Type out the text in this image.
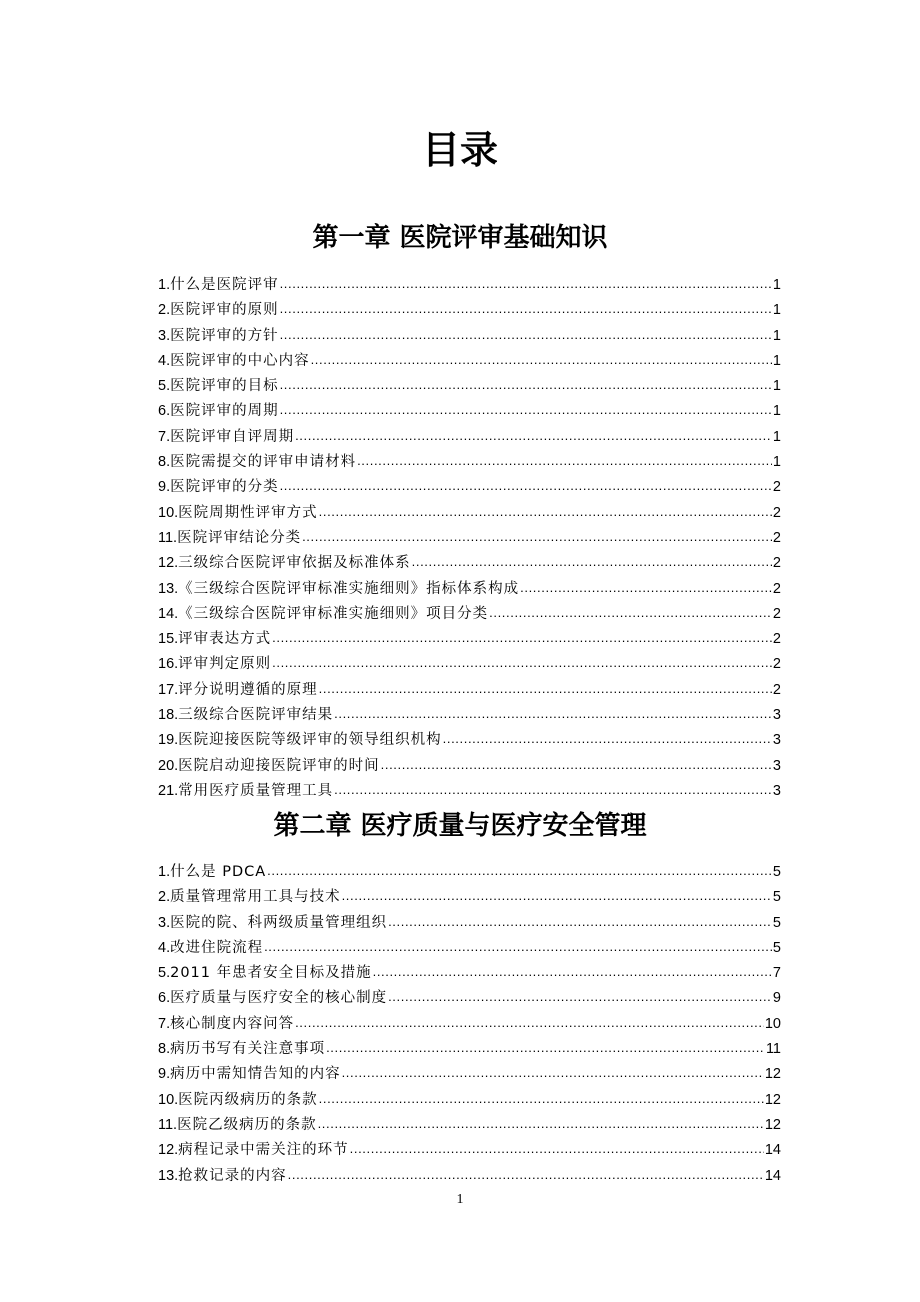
目录
第一章 医院评审基础知识
1. 什么是医院评审 .....	1
2. 医院评审的原则 .....	1
3. 医院评审的方针 .....	1
4. 医院评审的中心内容 .....	1
5. 医院评审的目标 .....	1
6. 医院评审的周期 .....	1
7. 医院评审自评周期 .....	1
8. 医院需提交的评审申请材料 .....	1
9. 医院评审的分类 .....	2
10. 医院周期性评审方式 .....	2
11. 医院评审结论分类 .....	2
12. 三级综合医院评审依据及标准体系 .....	2
13. 《三级综合医院评审标准实施细则》指标体系构成 .....	2
14. 《三级综合医院评审标准实施细则》项目分类 .....	2
15. 评审表达方式 .....	2
16. 评审判定原则 .....	2
17. 评分说明遵循的原理 .....	2
18. 三级综合医院评审结果 .....	3
19. 医院迎接医院等级评审的领导组织机构 .....	3
20. 医院启动迎接医院评审的时间 .....	3
21. 常用医疗质量管理工具 .....	3
第二章 医疗质量与医疗安全管理
1. 什么是 PDCA .....	5
2. 质量管理常用工具与技术 .....	5
3. 医院的院、科两级质量管理组织 .....	5
4. 改进住院流程 .....	5
5. 2011 年患者安全目标及措施 .....	7
6. 医疗质量与医疗安全的核心制度 .....	9
7. 核心制度内容问答 .....	10
8. 病历书写有关注意事项 .....	11
9. 病历中需知情告知的内容 .....	12
10. 医院丙级病历的条款 .....	12
11. 医院乙级病历的条款 .....	12
12. 病程记录中需关注的环节 .....	14
13. 抢救记录的内容 .....	14
1
